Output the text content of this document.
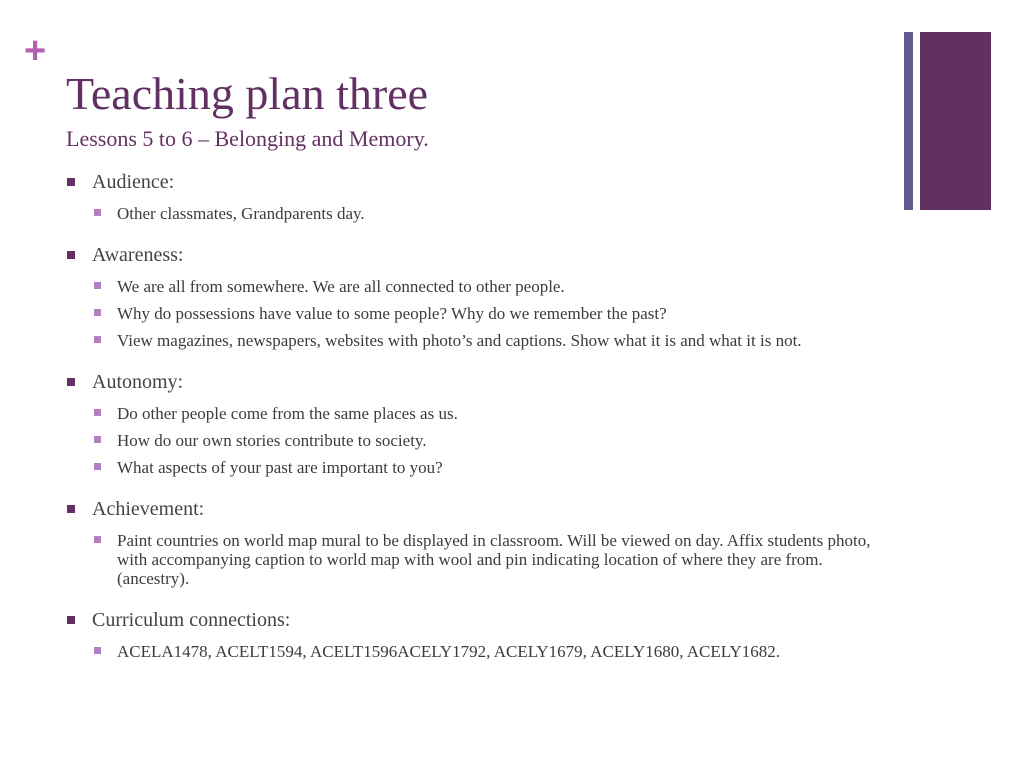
+
Teaching plan three
Lessons 5 to 6 – Belonging and Memory.
Audience:
Other classmates, Grandparents day.
Awareness:
We are all from somewhere. We are all connected to other people.
Why do possessions have value to some people? Why do we remember the past?
View magazines, newspapers, websites with photo’s and captions. Show what it is and what it is not.
Autonomy:
Do other people come from the same places as us.
How do our own stories contribute to society.
What aspects of your past are important to you?
Achievement:
Paint countries on world map mural to be displayed in classroom. Will be viewed on day. Affix students photo, with accompanying caption to world map with wool and pin indicating location of where they are from. (ancestry).
Curriculum connections:
ACELA1478, ACELT1594, ACELT1596ACELY1792, ACELY1679, ACELY1680, ACELY1682.
